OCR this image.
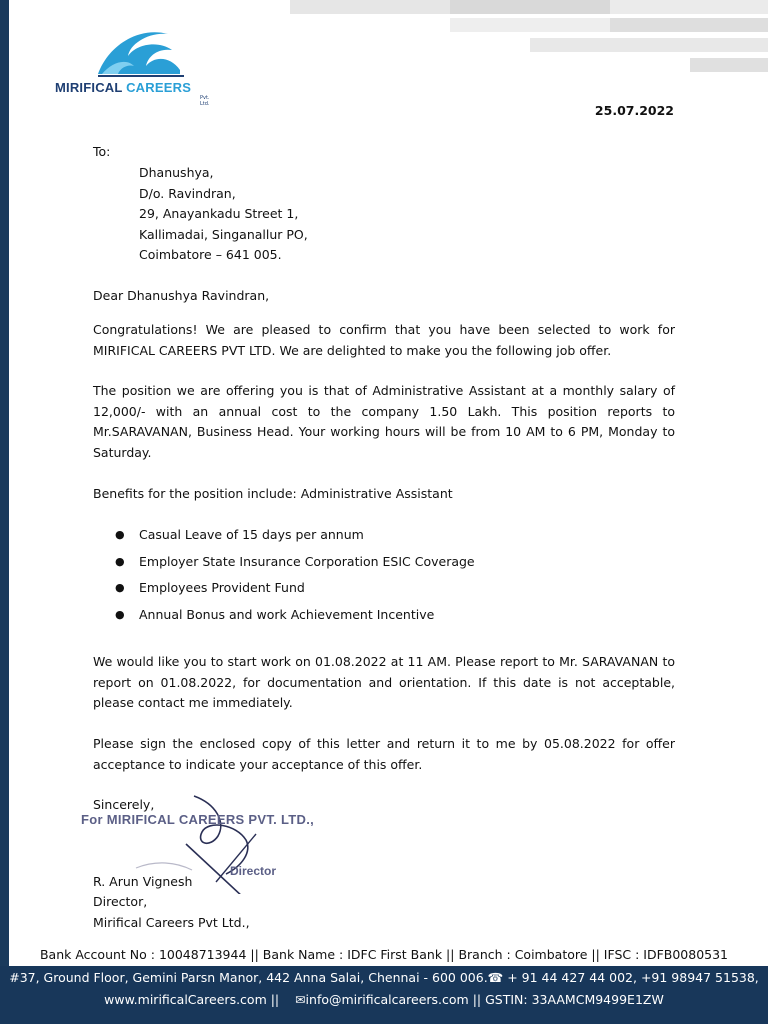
MIRIFICAL CAREERS
Pvt. Ltd.	25.07.2022
To:
Dhanushya,
D/o. Ravindran,
29, Anayankadu Street 1,
Kallimadai, Singanallur PO,
Coimbatore – 641 005.
Dear Dhanushya Ravindran,
Congratulations! We are pleased to confirm that you have been selected to work for MIRIFICAL CAREERS PVT LTD. We are delighted to make you the following job offer.
The position we are offering you is that of Administrative Assistant at a monthly salary of 12,000/- with an annual cost to the company 1.50 Lakh. This position reports to Mr.SARAVANAN, Business Head. Your working hours will be from 10 AM to 6 PM, Monday to Saturday.
Benefits for the position include: Administrative Assistant
● Casual Leave of 15 days per annum
● Employer State Insurance Corporation ESIC Coverage
● Employees Provident Fund
● Annual Bonus and work Achievement Incentive
We would like you to start work on 01.08.2022 at 11 AM. Please report to Mr. SARAVANAN to report on 01.08.2022, for documentation and orientation. If this date is not acceptable, please contact me immediately.
Please sign the enclosed copy of this letter and return it to me by 05.08.2022 for offer acceptance to indicate your acceptance of this offer.
Sincerely,
For MIRIFICAL CAREERS PVT. LTD.,
Director
R. Arun Vignesh
Director,
Mirifical Careers Pvt Ltd.,
Bank Account No : 10048713944 || Bank Name : IDFC First Bank || Branch : Coimbatore || IFSC : IDFB0080531
#37, Ground Floor, Gemini Parsn Manor, 442 Anna Salai, Chennai - 600 006.☎ + 91 44 427 44 002, +91 98947 51538,
www.mirificalCareers.com || ✉info@mirificalcareers.com || GSTIN: 33AAMCM9499E1ZW
